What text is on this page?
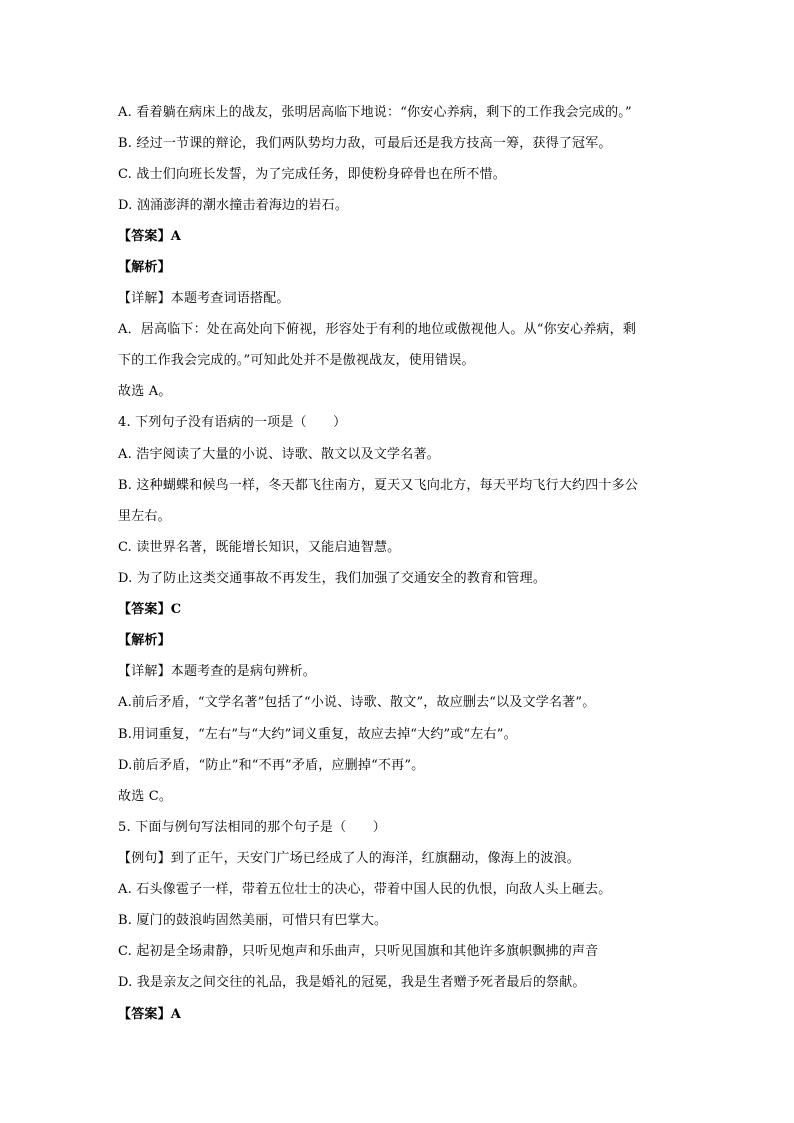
A. 看着躺在病床上的战友，张明居高临下地说：“你安心养病，剩下的工作我会完成的。”
B. 经过一节课的辩论，我们两队势均力敌，可最后还是我方技高一筹，获得了冠军。
C. 战士们向班长发誓，为了完成任务，即使粉身碎骨也在所不惜。
D. 汹涌澎湃的潮水撞击着海边的岩石。
【答案】A
【解析】
【详解】本题考查词语搭配。
A．居高临下：处在高处向下俯视，形容处于有利的地位或傲视他人。从“你安心养病，剩
下的工作我会完成的。”可知此处并不是傲视战友，使用错误。
故选 A。
4. 下列句子没有语病的一项是（　　）
A. 浩宇阅读了大量的小说、诗歌、散文以及文学名著。
B. 这种蝴蝶和候鸟一样，冬天都飞往南方，夏天又飞向北方，每天平均飞行大约四十多公
里左右。
C. 读世界名著，既能增长知识，又能启迪智慧。
D. 为了防止这类交通事故不再发生，我们加强了交通安全的教育和管理。
【答案】C
【解析】
【详解】本题考查的是病句辨析。
A.前后矛盾，“文学名著”包括了“小说、诗歌、散文”，故应删去“以及文学名著”。
B.用词重复，“左右”与“大约”词义重复，故应去掉“大约”或“左右”。
D.前后矛盾，“防止”和“不再”矛盾，应删掉“不再”。
故选 C。
5. 下面与例句写法相同的那个句子是（　　）
【例句】到了正午，天安门广场已经成了人的海洋，红旗翻动，像海上的波浪。
A. 石头像雹子一样，带着五位壮士的决心，带着中国人民的仇恨，向敌人头上砸去。
B. 厦门的鼓浪屿固然美丽，可惜只有巴掌大。
C. 起初是全场肃静，只听见炮声和乐曲声，只听见国旗和其他许多旗帜飘拂的声音
D. 我是亲友之间交往的礼品，我是婚礼的冠冕，我是生者赠予死者最后的祭献。
【答案】A
